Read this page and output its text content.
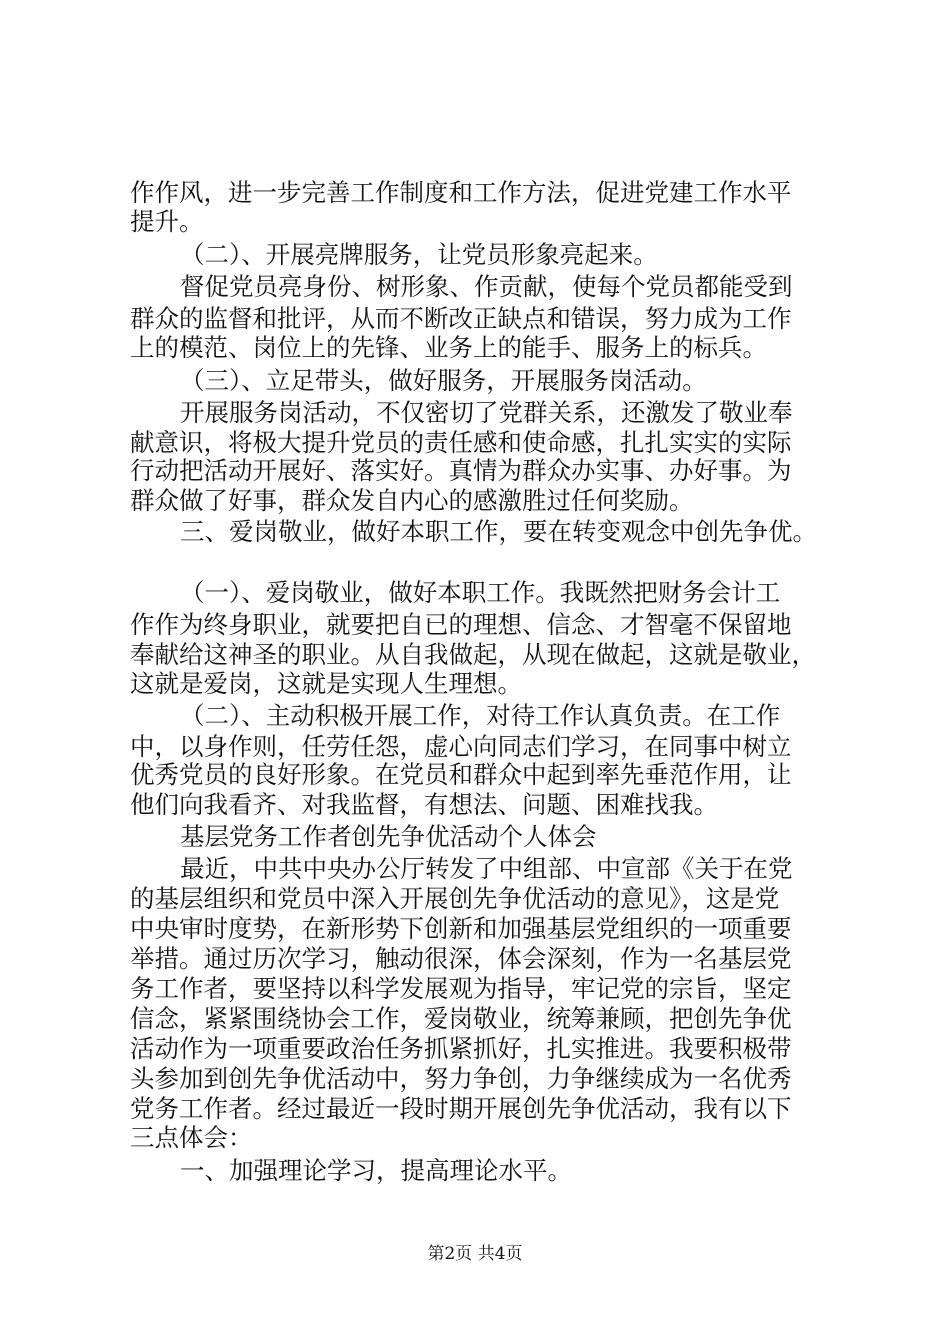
作作风，进一步完善工作制度和工作方法，促进党建工作水平
提升。
（二）、开展亮牌服务，让党员形象亮起来。
督促党员亮身份、树形象、作贡献，使每个党员都能受到
群众的监督和批评，从而不断改正缺点和错误，努力成为工作
上的模范、岗位上的先锋、业务上的能手、服务上的标兵。
（三）、立足带头，做好服务，开展服务岗活动。
开展服务岗活动，不仅密切了党群关系，还激发了敬业奉
献意识，将极大提升党员的责任感和使命感，扎扎实实的实际
行动把活动开展好、落实好。真情为群众办实事、办好事。为
群众做了好事，群众发自内心的感激胜过任何奖励。
三、爱岗敬业，做好本职工作，要在转变观念中创先争优。
（一）、爱岗敬业，做好本职工作。我既然把财务会计工
作作为终身职业，就要把自已的理想、信念、才智毫不保留地
奉献给这神圣的职业。从自我做起，从现在做起，这就是敬业，
这就是爱岗，这就是实现人生理想。
（二）、主动积极开展工作，对待工作认真负责。在工作
中，以身作则，任劳任怨，虚心向同志们学习，在同事中树立
优秀党员的良好形象。在党员和群众中起到率先垂范作用，让
他们向我看齐、对我监督，有想法、问题、困难找我。
基层党务工作者创先争优活动个人体会
最近，中共中央办公厅转发了中组部、中宣部《关于在党
的基层组织和党员中深入开展创先争优活动的意见》，这是党
中央审时度势，在新形势下创新和加强基层党组织的一项重要
举措。通过历次学习，触动很深，体会深刻，作为一名基层党
务工作者，要坚持以科学发展观为指导，牢记党的宗旨，坚定
信念，紧紧围绕协会工作，爱岗敬业，统筹兼顾，把创先争优
活动作为一项重要政治任务抓紧抓好，扎实推进。我要积极带
头参加到创先争优活动中，努力争创，力争继续成为一名优秀
党务工作者。经过最近一段时期开展创先争优活动，我有以下
三点体会：
一、加强理论学习，提高理论水平。
第2页 共4页
